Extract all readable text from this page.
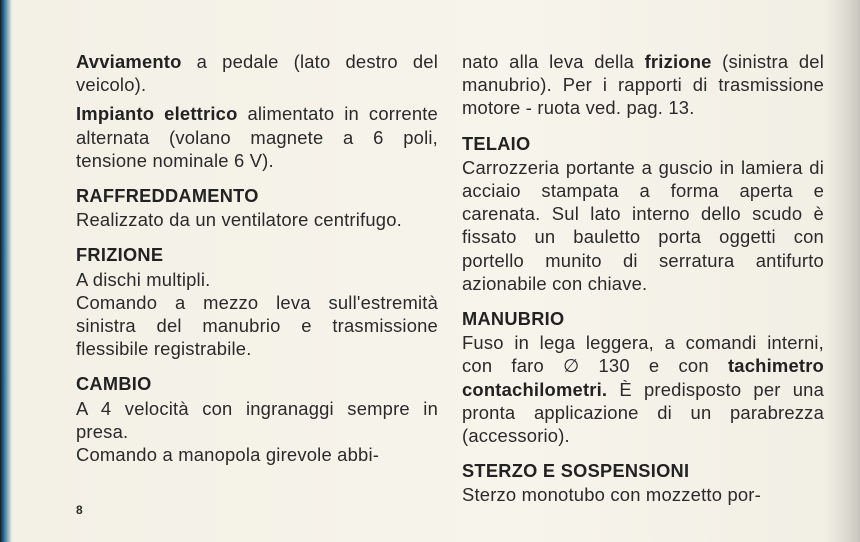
Avviamento a pedale (lato destro del veicolo).

Impianto elettrico alimentato in corrente alternata (volano magnete a 6 poli, tensione nominale 6 V).

RAFFREDDAMENTO

Realizzato da un ventilatore centrifugo.

FRIZIONE

A dischi multipli.

Comando a mezzo leva sull'estremità sinistra del manubrio e trasmissione flessibile registrabile.

CAMBIO

A 4 velocità con ingranaggi sempre in presa.

Comando a manopola girevole abbi-

nato alla leva della frizione (sinistra del manubrio). Per i rapporti di trasmissione motore - ruota ved. pag. 13.

TELAIO

Carrozzeria portante a guscio in lamiera di acciaio stampata a forma aperta e carenata. Sul lato interno dello scudo è fissato un bauletto porta oggetti con portello munito di serratura antifurto azionabile con chiave.

MANUBRIO

Fuso in lega leggera, a comandi interni, con faro ∅ 130 e con tachimetro contachilometri. È predisposto per una pronta applicazione di un parabrezza (accessorio).

STERZO E SOSPENSIONI

Sterzo monotubo con mozzetto por-

8
